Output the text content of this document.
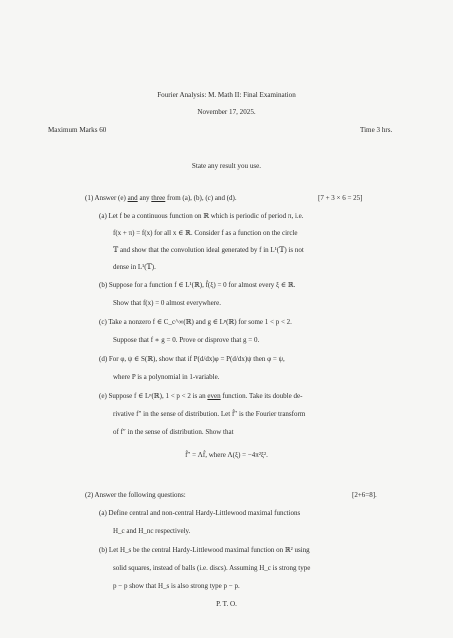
Fourier Analysis: M. Math II: Final Examination
November 17, 2025.
Maximum Marks 60	Time 3 hrs.
State any result you use.
(1) Answer (e) and any three from (a), (b), (c) and (d).	[7 + 3 × 6 = 25]
(a) Let f be a continuous function on ℝ which is periodic of period π, i.e.
f(x + π) = f(x) for all x ∈ ℝ. Consider f as a function on the circle
𝕋 and show that the convolution ideal generated by f in L¹(𝕋) is not
dense in L¹(𝕋).
(b) Suppose for a function f ∈ L¹(ℝ), f̂(ξ) = 0 for almost every ξ ∈ ℝ.
Show that f(x) = 0 almost everywhere.
(c) Take a nonzero f ∈ C_c^∞(ℝ) and g ∈ Lᵖ(ℝ) for some 1 < p < 2.
Suppose that f ∗ g = 0. Prove or disprove that g = 0.
(d) For φ, ψ ∈ S(ℝ), show that if P(d/dx)φ = P(d/dx)ψ then φ = ψ,
where P is a polynomial in 1-variable.
(e) Suppose f ∈ Lᵖ(ℝ), 1 < p < 2 is an even function. Take its double de-
rivative f″ in the sense of distribution. Let f̂″ is the Fourier transform
of f″ in the sense of distribution. Show that
f̂″ = Λf̂, where Λ(ξ) = −4π²ξ².
(2) Answer the following questions:	[2+6=8].
(a) Define central and non-central Hardy-Littlewood maximal functions
H_c and H_nc respectively.
(b) Let H_s be the central Hardy-Littlewood maximal function on ℝ² using
solid squares, instead of balls (i.e. discs). Assuming H_c is strong type
p − p show that H_s is also strong type p − p.
P. T. O.
